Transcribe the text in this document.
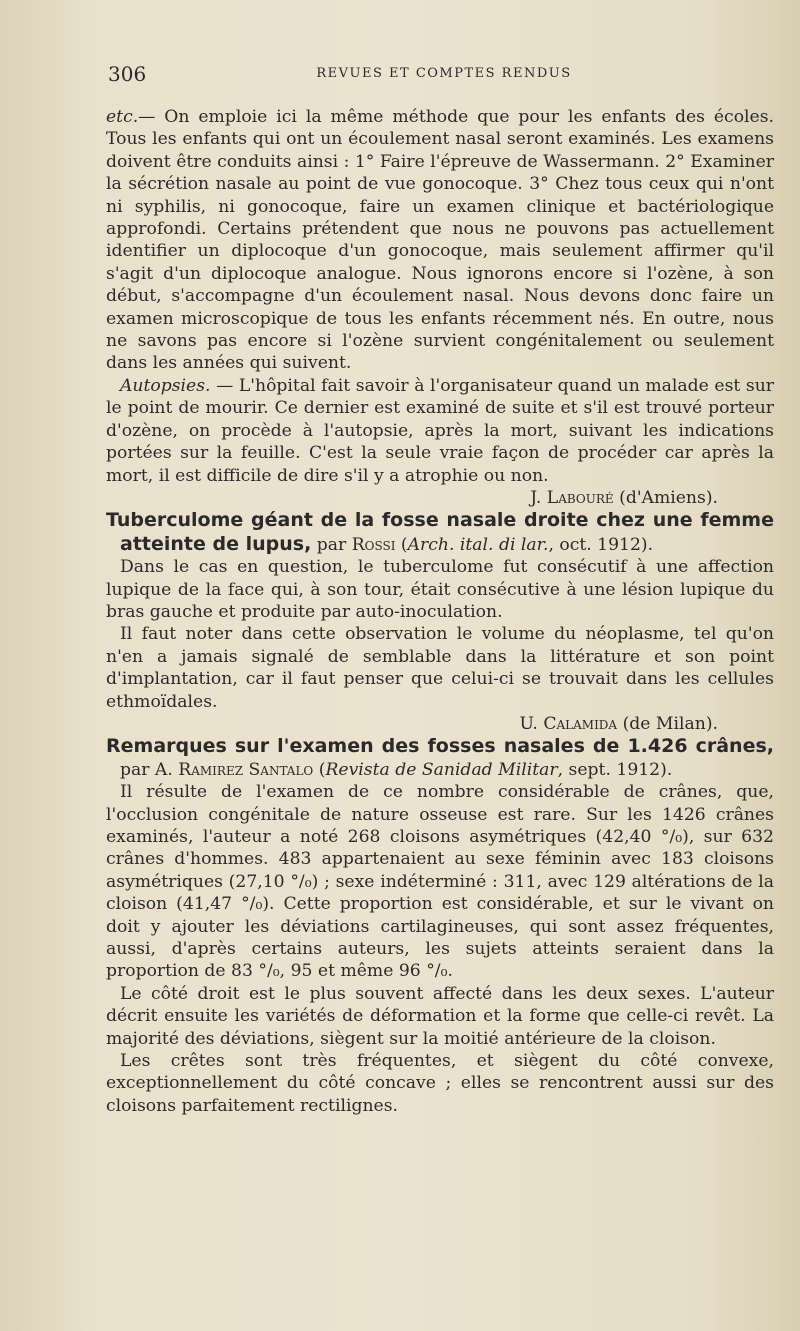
306	REVUES ET COMPTES RENDUS

etc.— On emploie ici la même méthode que pour les enfants des écoles. Tous les enfants qui ont un écoulement nasal seront examinés. Les examens doivent être conduits ainsi : 1° Faire l'épreuve de Wassermann. 2° Examiner la sécrétion nasale au point de vue gonocoque. 3° Chez tous ceux qui n'ont ni syphilis, ni gonocoque, faire un examen clinique et bactériologique approfondi. Certains prétendent que nous ne pouvons pas actuellement identifier un diplocoque d'un gonocoque, mais seulement affirmer qu'il s'agit d'un diplocoque analogue. Nous ignorons encore si l'ozène, à son début, s'accompagne d'un écoulement nasal. Nous devons donc faire un examen microscopique de tous les enfants récemment nés. En outre, nous ne savons pas encore si l'ozène survient congénitalement ou seulement dans les années qui suivent.

Autopsies. — L'hôpital fait savoir à l'organisateur quand un malade est sur le point de mourir. Ce dernier est examiné de suite et s'il est trouvé porteur d'ozène, on procède à l'autopsie, après la mort, suivant les indications portées sur la feuille. C'est la seule vraie façon de procéder car après la mort, il est difficile de dire s'il y a atrophie ou non.

J. Labouré (d'Amiens).

Tuberculome géant de la fosse nasale droite chez une femme atteinte de lupus, par Rossi (Arch. ital. di lar., oct. 1912).

Dans le cas en question, le tuberculome fut consécutif à une affection lupique de la face qui, à son tour, était consécutive à une lésion lupique du bras gauche et produite par auto-inoculation.

Il faut noter dans cette observation le volume du néoplasme, tel qu'on n'en a jamais signalé de semblable dans la littérature et son point d'implantation, car il faut penser que celui-ci se trouvait dans les cellules ethmoïdales.

U. Calamida (de Milan).

Remarques sur l'examen des fosses nasales de 1.426 crânes, par A. Ramirez Santalo (Revista de Sanidad Militar, sept. 1912).

Il résulte de l'examen de ce nombre considérable de crânes, que, l'occlusion congénitale de nature osseuse est rare. Sur les 1426 crânes examinés, l'auteur a noté 268 cloisons asymétriques (42,40 °/₀), sur 632 crânes d'hommes. 483 appartenaient au sexe féminin avec 183 cloisons asymétriques (27,10 °/₀) ; sexe indéterminé : 311, avec 129 altérations de la cloison (41,47 °/₀). Cette proportion est considérable, et sur le vivant on doit y ajouter les déviations cartilagineuses, qui sont assez fréquentes, aussi, d'après certains auteurs, les sujets atteints seraient dans la proportion de 83 °/₀, 95 et même 96 °/₀.

Le côté droit est le plus souvent affecté dans les deux sexes. L'auteur décrit ensuite les variétés de déformation et la forme que celle-ci revêt. La majorité des déviations, siègent sur la moitié antérieure de la cloison.

Les crêtes sont très fréquentes, et siègent du côté convexe, exceptionnellement du côté concave ; elles se rencontrent aussi sur des cloisons parfaitement rectilignes.
